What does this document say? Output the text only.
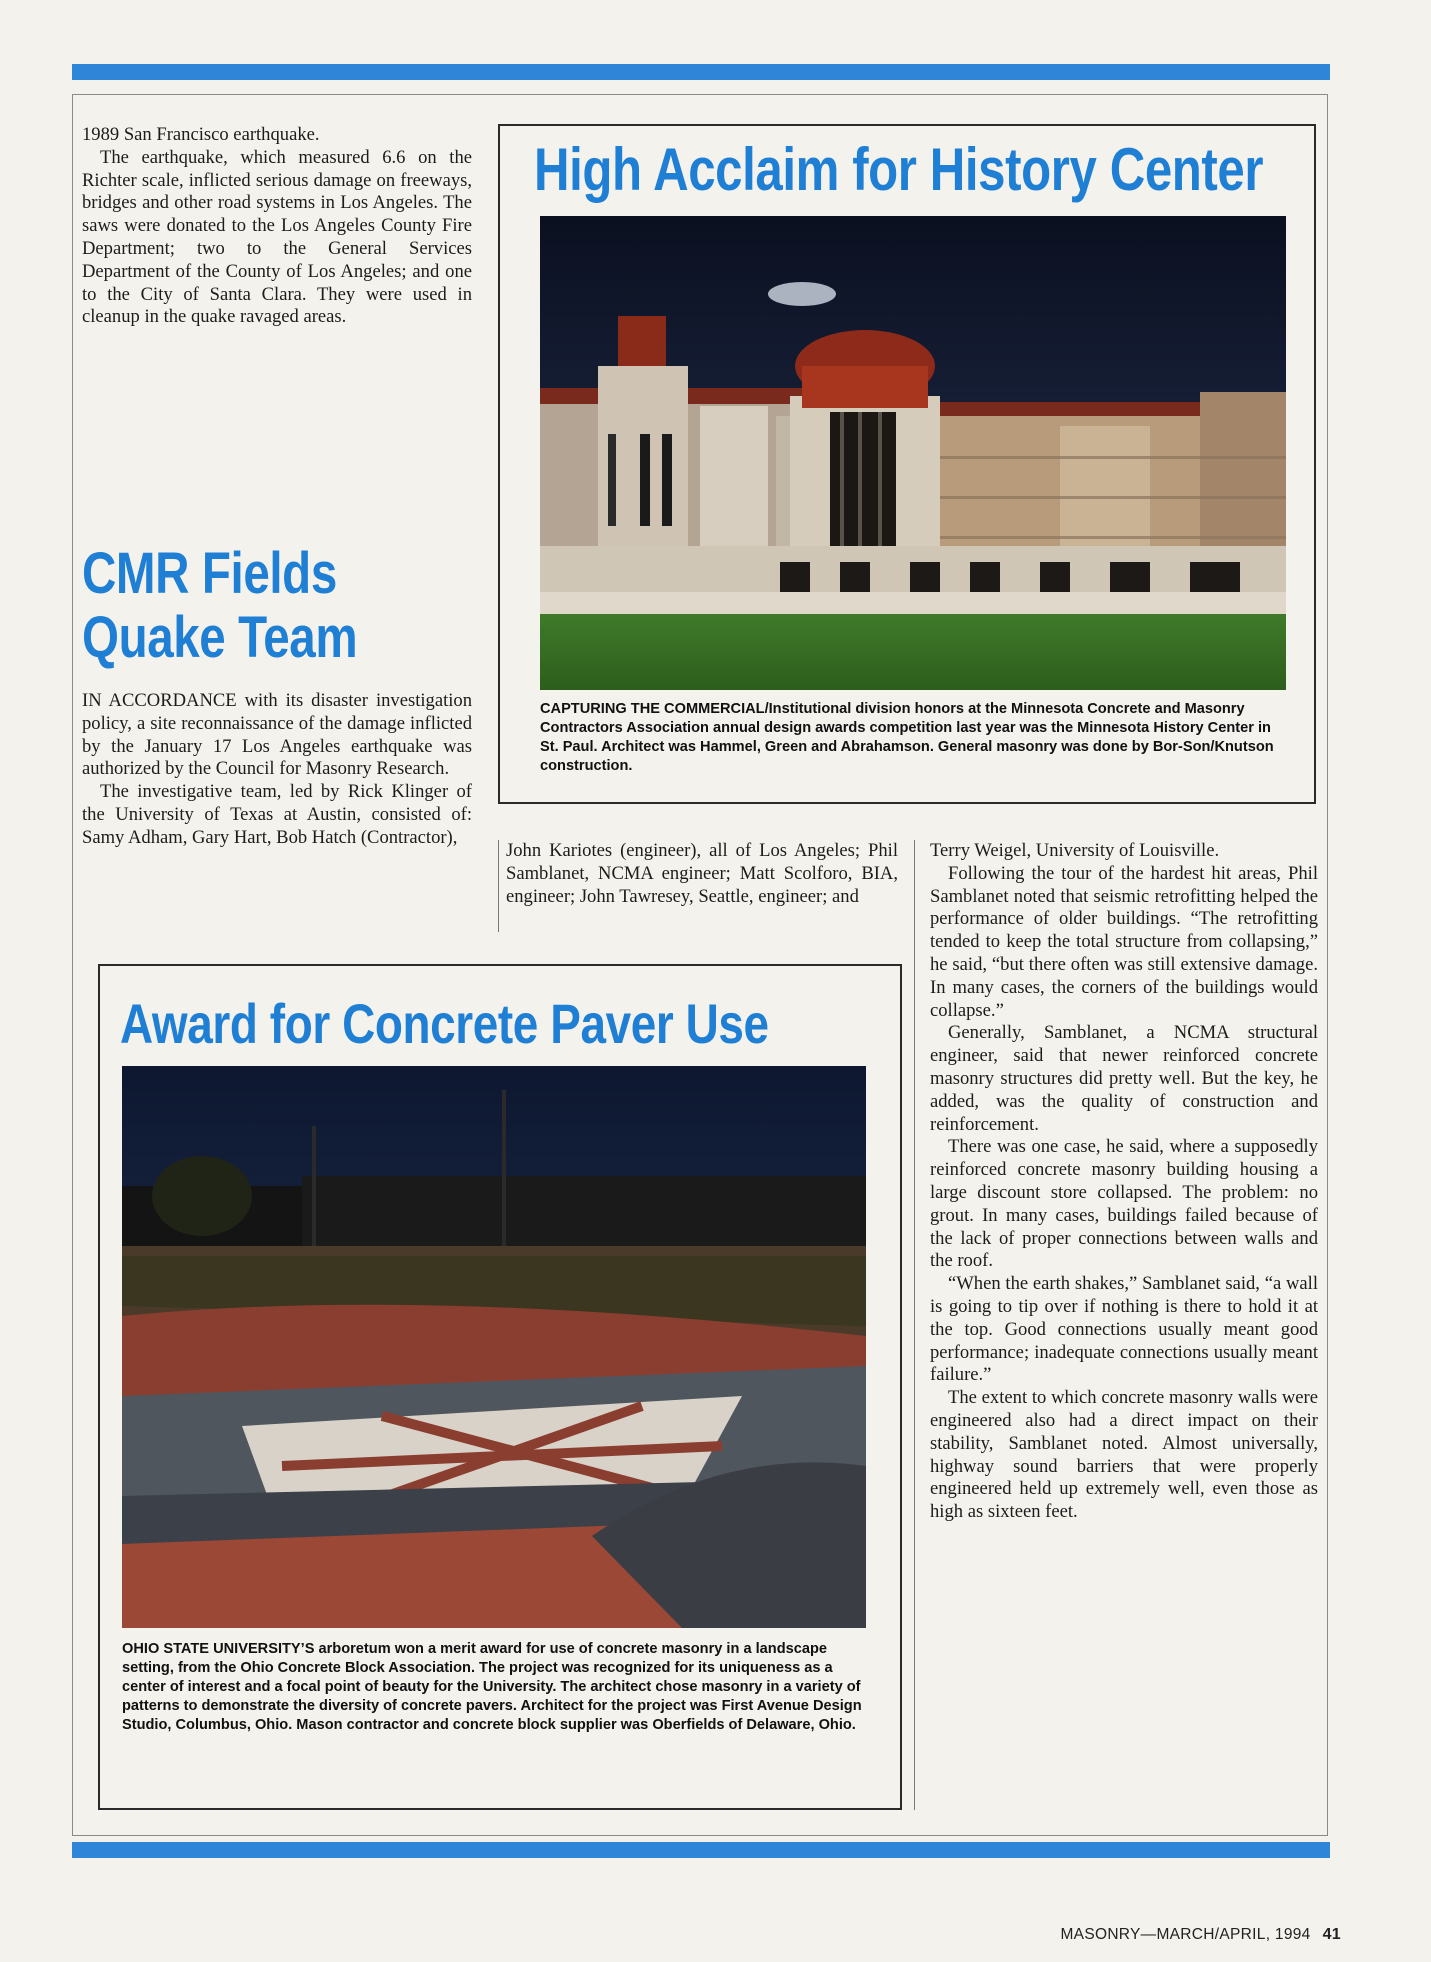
1989 San Francisco earthquake.

The earthquake, which measured 6.6 on the Richter scale, inflicted serious damage on freeways, bridges and other road systems in Los Angeles. The saws were donated to the Los Angeles County Fire Department; two to the General Services Department of the County of Los Angeles; and one to the City of Santa Clara. They were used in cleanup in the quake ravaged areas.

CMR Fields
Quake Team

IN ACCORDANCE with its disaster investigation policy, a site reconnaissance of the damage inflicted by the January 17 Los Angeles earthquake was authorized by the Council for Masonry Research.

The investigative team, led by Rick Klinger of the University of Texas at Austin, consisted of: Samy Adham, Gary Hart, Bob Hatch (Contractor),

High Acclaim for History Center
CAPTURING THE COMMERCIAL/Institutional division honors at the Minnesota Concrete and Masonry Contractors Association annual design awards competition last year was the Minnesota History Center in St. Paul. Architect was Hammel, Green and Abrahamson. General masonry was done by Bor-Son/Knutson construction.

John Kariotes (engineer), all of Los Angeles; Phil Samblanet, NCMA engineer; Matt Scolforo, BIA, engineer; John Tawresey, Seattle, engineer; and

Award for Concrete Paver Use
OHIO STATE UNIVERSITY’S arboretum won a merit award for use of concrete masonry in a landscape setting, from the Ohio Concrete Block Association. The project was recognized for its uniqueness as a center of interest and a focal point of beauty for the University. The architect chose masonry in a variety of patterns to demonstrate the diversity of concrete pavers. Architect for the project was First Avenue Design Studio, Columbus, Ohio. Mason contractor and concrete block supplier was Oberfields of Delaware, Ohio.

Terry Weigel, University of Louisville.

Following the tour of the hardest hit areas, Phil Samblanet noted that seismic retrofitting helped the performance of older buildings. “The retrofitting tended to keep the total structure from collapsing,” he said, “but there often was still extensive damage. In many cases, the corners of the buildings would collapse.”

Generally, Samblanet, a NCMA structural engineer, said that newer reinforced concrete masonry structures did pretty well. But the key, he added, was the quality of construction and reinforcement.

There was one case, he said, where a supposedly reinforced concrete masonry building housing a large discount store collapsed. The problem: no grout. In many cases, buildings failed because of the lack of proper connections between walls and the roof.

“When the earth shakes,” Samblanet said, “a wall is going to tip over if nothing is there to hold it at the top. Good connections usually meant good performance; inadequate connections usually meant failure.”

The extent to which concrete masonry walls were engineered also had a direct impact on their stability, Samblanet noted. Almost universally, highway sound barriers that were properly engineered held up extremely well, even those as high as sixteen feet.

MASONRY—MARCH/APRIL, 1994 41
